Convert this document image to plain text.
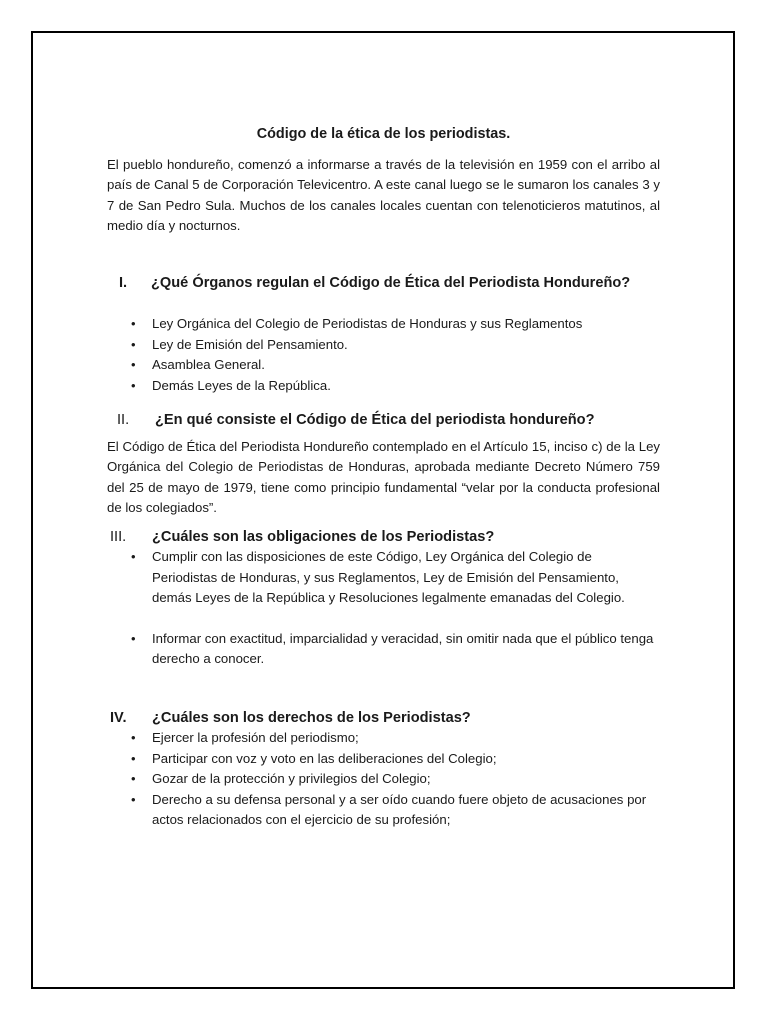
Código de la ética de los periodistas.

El pueblo hondureño, comenzó a informarse a través de la televisión en 1959 con el arribo al país de Canal 5 de Corporación Televicentro. A este canal luego se le sumaron los canales 3 y 7 de San Pedro Sula. Muchos de los canales locales cuentan con telenoticieros matutinos, al medio día y nocturnos.

I.	¿Qué Órganos regulan el Código de Ética del Periodista Hondureño?
• Ley Orgánica del Colegio de Periodistas de Honduras y sus Reglamentos
• Ley de Emisión del Pensamiento.
• Asamblea General.
• Demás Leyes de la República.
II.	¿En qué consiste el Código de Ética del periodista hondureño?

El Código de Ética del Periodista Hondureño contemplado en el Artículo 15, inciso c) de la Ley Orgánica del Colegio de Periodistas de Honduras, aprobada mediante Decreto Número 759 del 25 de mayo de 1979, tiene como principio fundamental “velar por la conducta profesional de los colegiados”.

III.	¿Cuáles son las obligaciones de los Periodistas?
• Cumplir con las disposiciones de este Código, Ley Orgánica del Colegio de Periodistas de Honduras, y sus Reglamentos, Ley de Emisión del Pensamiento, demás Leyes de la República y Resoluciones legalmente emanadas del Colegio.
• Informar con exactitud, imparcialidad y veracidad, sin omitir nada que el público tenga derecho a conocer.
IV.	¿Cuáles son los derechos de los Periodistas?
• Ejercer la profesión del periodismo;
• Participar con voz y voto en las deliberaciones del Colegio;
• Gozar de la protección y privilegios del Colegio;
• Derecho a su defensa personal y a ser oído cuando fuere objeto de acusaciones por actos relacionados con el ejercicio de su profesión;
